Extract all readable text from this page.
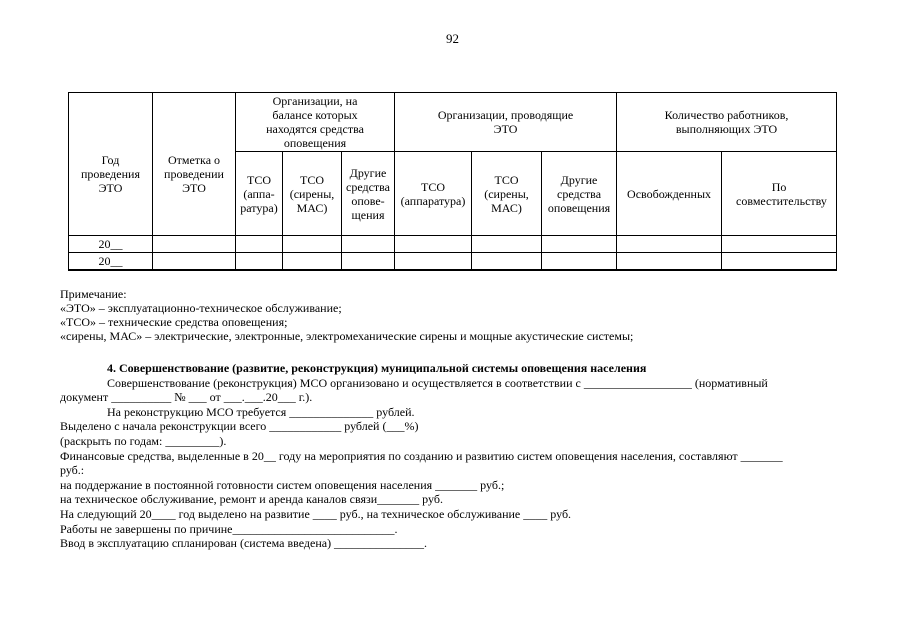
92
Год проведения ЭТО	Отметка о проведении ЭТО	Организации, на балансе которых находятся средства оповещения			Организации, проводящие ЭТО			Количество работников, выполняющих ЭТО	
		ТСО (аппа-ратура)	ТСО (сирены, МАС)	Другие средства опове-щения	ТСО (аппаратура)	ТСО (сирены, МАС)	Другие средства оповещения	Освобожденных	По совместительству
20__									
20__									
Примечание:
«ЭТО» – эксплуатационно-техническое обслуживание;
«ТСО» – технические средства оповещения;
«сирены, МАС» – электрические, электронные, электромеханические сирены и мощные акустические системы;

4. Совершенствование (развитие, реконструкция) муниципальной системы оповещения населения

Совершенствование (реконструкция) МСО организовано и осуществляется в соответствии с __________________ (нормативный

документ __________ № ___ от ___.___.20___ г.).

На реконструкцию МСО требуется ______________ рублей.

Выделено с начала реконструкции всего ____________ рублей (___%)

(раскрыть по годам: _________).

Финансовые средства, выделенные в 20__ году на мероприятия по созданию и развитию систем оповещения населения, составляют _______

руб.:

на поддержание в постоянной готовности систем оповещения населения _______ руб.;

на техническое обслуживание, ремонт и аренда каналов связи_______ руб.

На следующий 20____ год выделено на развитие ____ руб., на техническое обслуживание ____ руб.

Работы не завершены по причине___________________________.

Ввод в эксплуатацию спланирован (система введена) _______________.
